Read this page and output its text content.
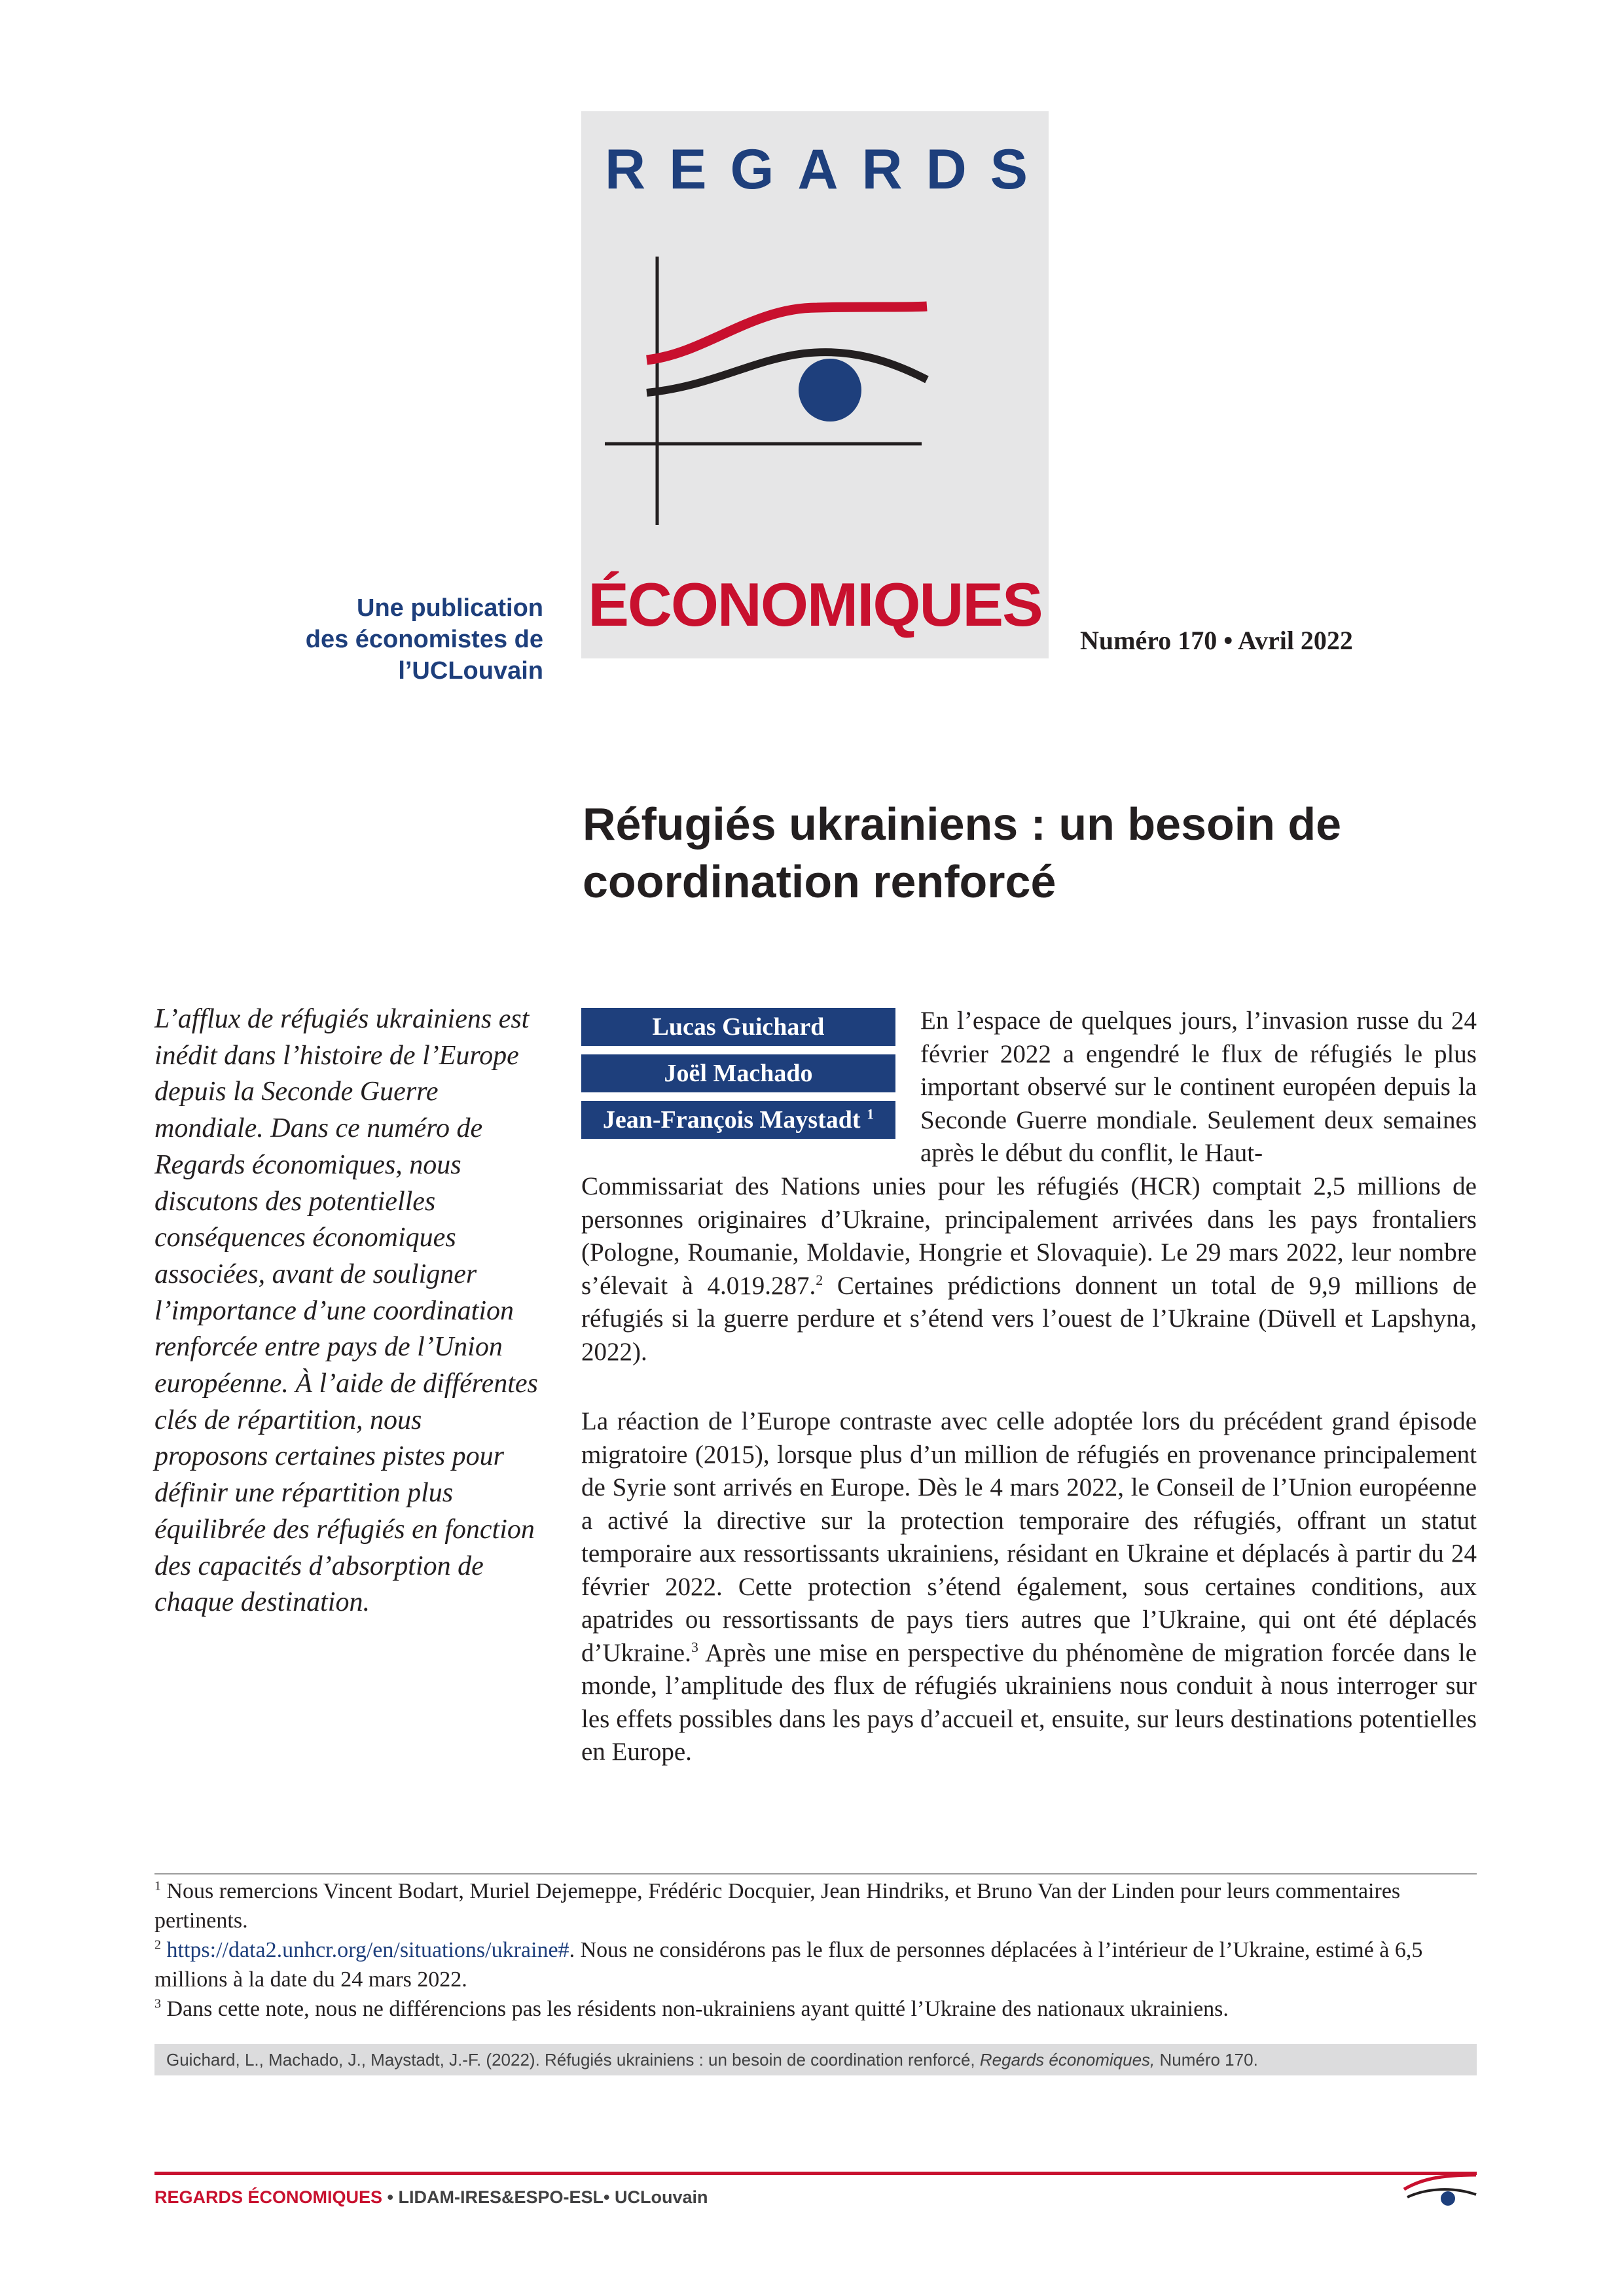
REGARDS
ÉCONOMIQUES
Une publication
des économistes de l’UCLouvain
Numéro 170 • Avril 2022
Réfugiés ukrainiens : un besoin de
coordination renforcé
L’afflux de réfugiés ukrainiens est inédit dans l’histoire de l’Europe depuis la Seconde Guerre mondiale. Dans ce numéro de Regards économiques, nous discutons des potentielles conséquences économiques associées, avant de souligner l’importance d’une coordination renforcée entre pays de l’Union européenne. À l’aide de différentes clés de répartition, nous proposons certaines pistes pour définir une répartition plus équilibrée des réfugiés en fonction des capacités d’absorption de chaque destination.
Lucas Guichard
Joël Machado
Jean-François Maystadt $^1$
En l’espace de quelques jours, l’invasion russe du 24 février 2022 a engendré le flux de réfugiés le plus important observé sur le continent européen depuis la Seconde Guerre mondiale. Seulement deux semaines après le début du conflit, le Haut-
Commissariat des Nations unies pour les réfugiés (HCR) comptait 2,5 millions de personnes originaires d’Ukraine, principalement arrivées dans les pays frontaliers (Pologne, Roumanie, Moldavie, Hongrie et Slovaquie). Le 29 mars 2022, leur nombre s’élevait à 4.019.287.$^2$ Certaines prédictions donnent un total de 9,9 millions de réfugiés si la guerre perdure et s’étend vers l’ouest de l’Ukraine (Düvell et Lapshyna, 2022).
La réaction de l’Europe contraste avec celle adoptée lors du précédent grand épisode migratoire (2015), lorsque plus d’un million de réfugiés en provenance principalement de Syrie sont arrivés en Europe. Dès le 4 mars 2022, le Conseil de l’Union européenne a activé la directive sur la protection temporaire des réfugiés, offrant un statut temporaire aux ressortissants ukrainiens, résidant en Ukraine et déplacés à partir du 24 février 2022. Cette protection s’étend également, sous certaines conditions, aux apatrides ou ressortissants de pays tiers autres que l’Ukraine, qui ont été déplacés d’Ukraine.$^3$ Après une mise en perspective du phénomène de migration forcée dans le monde, l’amplitude des flux de réfugiés ukrainiens nous conduit à nous interroger sur les effets possibles dans les pays d’accueil et, ensuite, sur leurs destinations potentielles en Europe.
$^1$ Nous remercions Vincent Bodart, Muriel Dejemeppe, Frédéric Docquier, Jean Hindriks, et Bruno Van der Linden pour leurs commentaires pertinents.
$^2$ https://data2.unhcr.org/en/situations/ukraine#. Nous ne considérons pas le flux de personnes déplacées à l’intérieur de l’Ukraine, estimé à 6,5 millions à la date du 24 mars 2022.
$^3$ Dans cette note, nous ne différencions pas les résidents non-ukrainiens ayant quitté l’Ukraine des nationaux ukrainiens.
Guichard, L., Machado, J., Maystadt, J.-F. (2022). Réfugiés ukrainiens : un besoin de coordination renforcé, Regards économiques, Numéro 170.
REGARDS ÉCONOMIQUES • LIDAM-IRES&ESPO-ESL• UCLouvain
